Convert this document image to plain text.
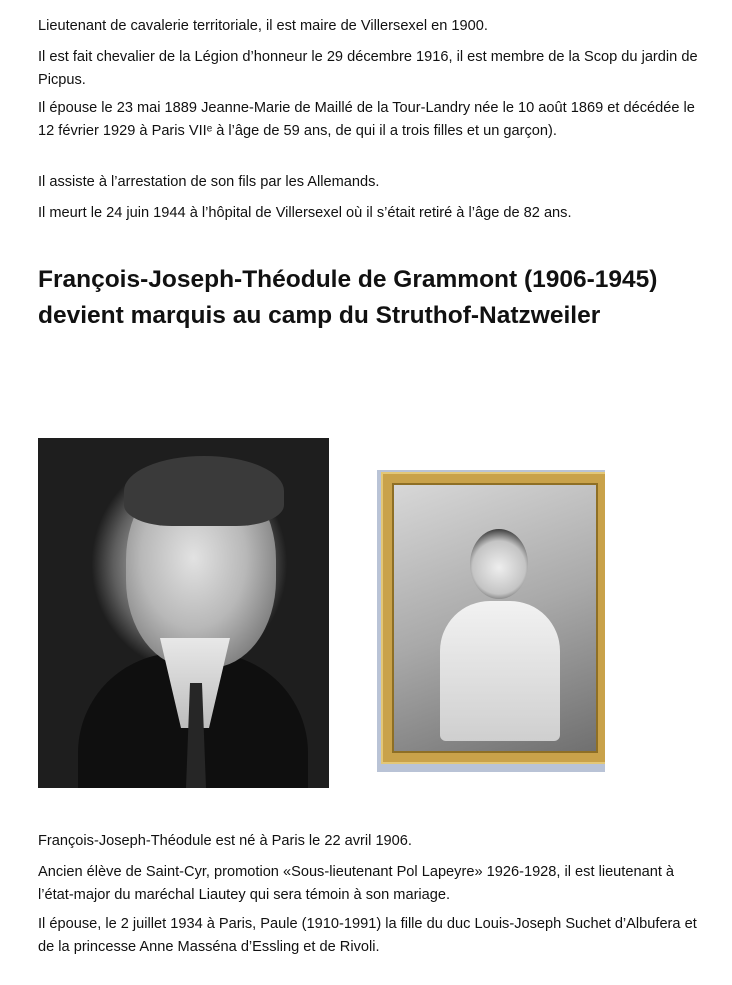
Lieutenant de cavalerie territoriale, il est maire de Villersexel en 1900.

Il est fait chevalier de la Légion d’honneur le 29 décembre 1916, il est membre de la Scop du jardin de Picpus.

Il épouse le 23 mai 1889 Jeanne-Marie de Maillé de la Tour-Landry née le 10 août 1869 et décédée le 12 février 1929 à Paris VIIᵉ à l’âge de 59 ans, de qui il a trois filles et un garçon).

Il assiste à l’arrestation de son fils par les Allemands.

Il meurt le 24 juin 1944 à l’hôpital de Villersexel où il s’était retiré à l’âge de 82 ans.

François-Joseph-Théodule de Grammont (1906-1945) devient marquis au camp du Struthof-Natzweiler

François-Joseph-Théodule est né à Paris le 22 avril 1906.

Ancien élève de Saint-Cyr, promotion «Sous-lieutenant Pol Lapeyre» 1926-1928, il est lieutenant à l’état-major du maréchal Liautey qui sera témoin à son mariage.

Il épouse, le 2 juillet 1934 à Paris, Paule (1910-1991) la fille du duc Louis-Joseph Suchet d’Albufera et de la princesse Anne Masséna d’Essling et de Rivoli.
